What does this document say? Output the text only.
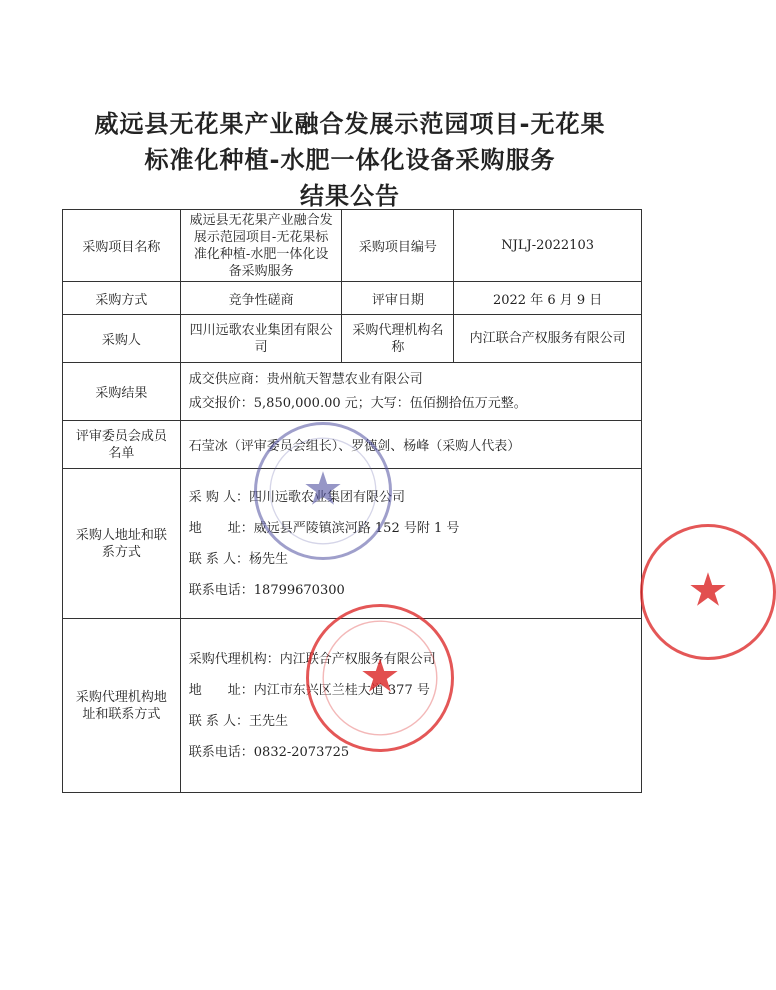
威远县无花果产业融合发展示范园项目-无花果
标准化种植-水肥一体化设备采购服务
结果公告
采购项目名称	威远县无花果产业融合发展示范园项目-无花果标准化种植-水肥一体化设备采购服务	采购项目编号	NJLJ-2022103
采购方式	竞争性磋商	评审日期	2022 年 6 月 9 日
采购人	四川远歌农业集团有限公司	采购代理机构名称	内江联合产权服务有限公司
采购结果	成交供应商：贵州航天智慧农业有限公司
成交报价：5,850,000.00 元；大写：伍佰捌拾伍万元整。		

评审委员会成员名单	石莹冰（评审委员会组长）、罗德剑、杨峰（采购人代表）		
采购人地址和联系方式	采 购 人：四川远歌农业集团有限公司
地　　址：威远县严陵镇滨河路 152 号附 1 号
联 系 人：杨先生
联系电话：18799670300		

采购代理机构地址和联系方式	采购代理机构：内江联合产权服务有限公司
地　　址：内江市东兴区兰桂大道 377 号
联 系 人：王先生
联系电话：0832-2073725		
★
★
★
